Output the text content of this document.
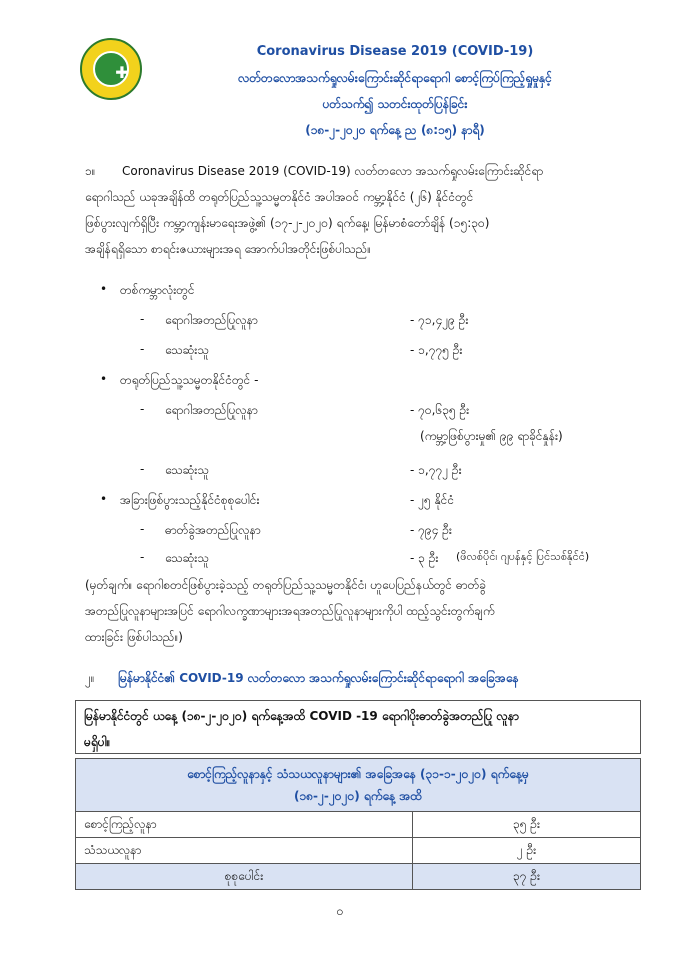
✚
Coronavirus Disease 2019 (COVID-19)
လတ်တလောအသက်ရှုလမ်းကြောင်းဆိုင်ရာရောဂါ စောင့်ကြပ်ကြည့်ရှုမှုနှင့်
ပတ်သက်၍ သတင်းထုတ်ပြန်ခြင်း
(၁၈-၂-၂၀၂၀ ရက်နေ့ ည (၈:၁၅) နာရီ)
၁။ Coronavirus Disease 2019 (COVID-19) လတ်တလော အသက်ရှုလမ်းကြောင်းဆိုင်ရာ
ရောဂါသည် ယခုအချိန်ထိ တရုတ်ပြည်သူ့သမ္မတနိုင်ငံ အပါအဝင် ကမ္ဘာ့နိုင်ငံ (၂၆) နိုင်ငံတွင်
ဖြစ်ပွားလျက်ရှိပြီး ကမ္ဘာ့ကျန်းမာရေးအဖွဲ့၏ (၁၇-၂-၂၀၂၀) ရက်နေ့၊ မြန်မာစံတော်ချိန် (၁၅:၃၀)
အချိန်ရရှိသော စာရင်းဇယားများအရ အောက်ပါအတိုင်းဖြစ်ပါသည်။
• တစ်ကမ္ဘာလုံးတွင်
- ရောဂါအတည်ပြုလူနာ	- ၇၁,၄၂၉ ဦး
- သေဆုံးသူ	- ၁,၇၇၅ ဦး
• တရုတ်ပြည်သူ့သမ္မတနိုင်ငံတွင် -
- ရောဂါအတည်ပြုလူနာ	- ၇၀,၆၃၅ ဦး
(ကမ္ဘာ့ဖြစ်ပွားမှု၏ ၉၉ ရာခိုင်နှုန်း)
- သေဆုံးသူ	- ၁,၇၇၂ ဦး
• အခြားဖြစ်ပွားသည့်နိုင်ငံစုစုပေါင်း	- ၂၅ နိုင်ငံ
- ဓာတ်ခွဲအတည်ပြုလူနာ	- ၇၉၄ ဦး
- သေဆုံးသူ	- ၃ ဦး (ဖိလစ်ပိုင်၊ ဂျပန်နှင့် ပြင်သစ်နိုင်ငံ)
(မှတ်ချက်။ ရောဂါစတင်ဖြစ်ပွားခဲ့သည့် တရုတ်ပြည်သူ့သမ္မတနိုင်ငံ၊ ဟူပေပြည်နယ်တွင် ဓာတ်ခွဲ
အတည်ပြုလူနာများအပြင် ရောဂါလက္ခဏာများအရအတည်ပြုလူနာများကိုပါ ထည့်သွင်းတွက်ချက်
ထားခြင်း ဖြစ်ပါသည်။)
၂။ မြန်မာနိုင်ငံ၏ COVID-19 လတ်တလော အသက်ရှုလမ်းကြောင်းဆိုင်ရာရောဂါ အခြေအနေ
မြန်မာနိုင်ငံတွင် ယနေ့ (၁၈-၂-၂၀၂၀) ရက်နေ့အထိ COVID -19 ရောဂါပိုးဓာတ်ခွဲအတည်ပြု လူနာ
မရှိပါ။
စောင့်ကြည့်လူနာနှင့် သံသယလူနာများ၏ အခြေအနေ (၃၁-၁-၂၀၂၀) ရက်နေ့မှ
(၁၈-၂-၂၀၂၀) ရက်နေ့ အထိ	

စောင့်ကြည့်လူနာ	၃၅ ဦး
သံသယလူနာ	၂ ဦး
စုစုပေါင်း	၃၇ ဦး
၀
